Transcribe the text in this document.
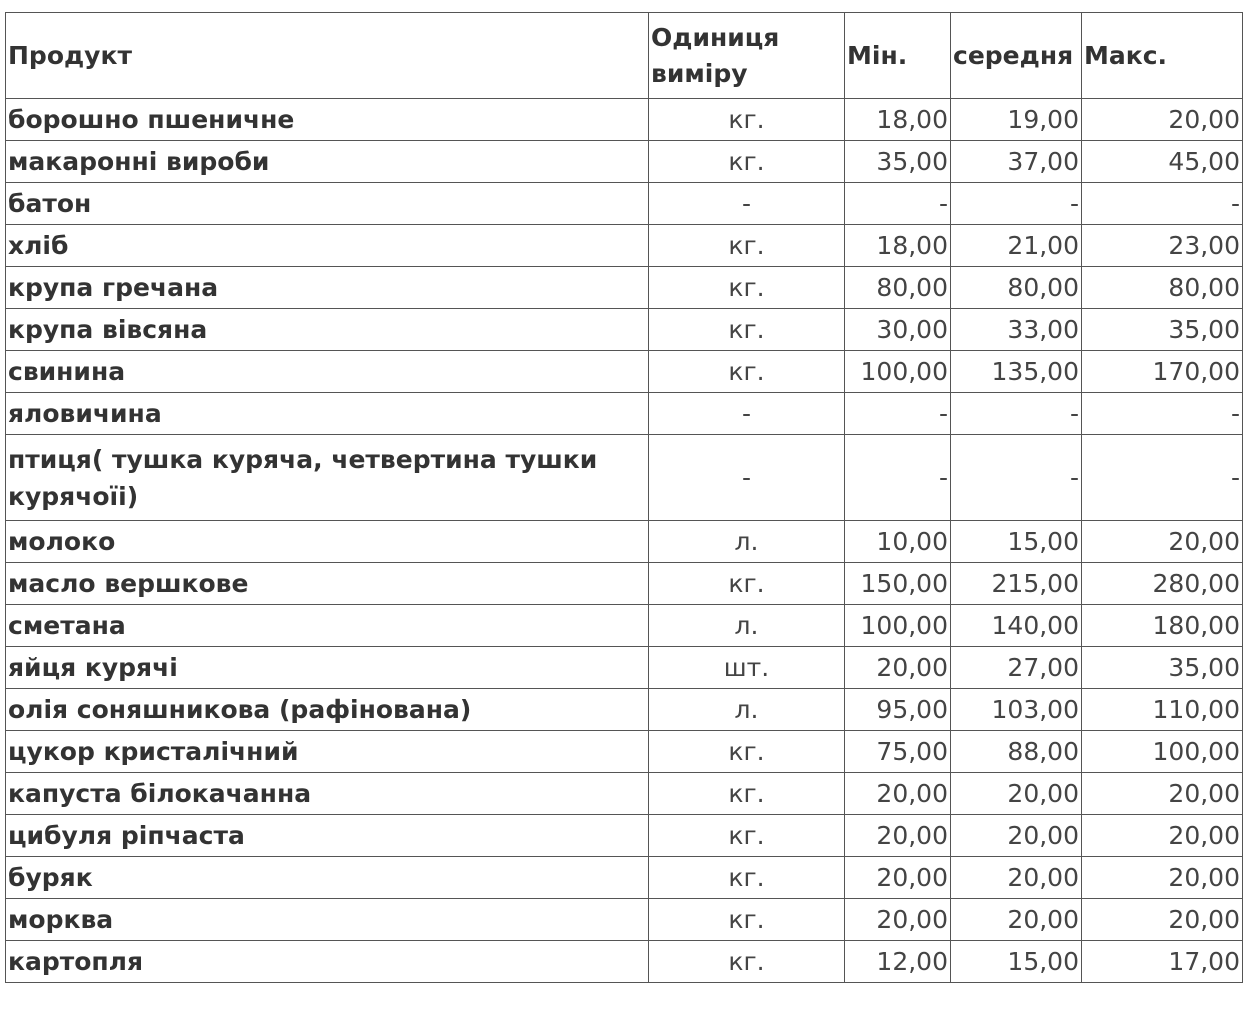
Продукт	Одиниця виміру	Мін.	середня	Макс.
борошно пшеничне	кг.	18,00	19,00	20,00
макаронні вироби	кг.	35,00	37,00	45,00
батон	-	-	-	-
хліб	кг.	18,00	21,00	23,00
крупа гречана	кг.	80,00	80,00	80,00
крупа вівсяна	кг.	30,00	33,00	35,00
свинина	кг.	100,00	135,00	170,00
яловичина	-	-	-	-
птиця( тушка куряча, четвертина тушки курячоїі)	-	-	-	-
молоко	л.	10,00	15,00	20,00
масло вершкове	кг.	150,00	215,00	280,00
сметана	л.	100,00	140,00	180,00
яйця курячі	шт.	20,00	27,00	35,00
олія соняшникова (рафінована)	л.	95,00	103,00	110,00
цукор кристалічний	кг.	75,00	88,00	100,00
капуста білокачанна	кг.	20,00	20,00	20,00
цибуля ріпчаста	кг.	20,00	20,00	20,00
буряк	кг.	20,00	20,00	20,00
морква	кг.	20,00	20,00	20,00
картопля	кг.	12,00	15,00	17,00
